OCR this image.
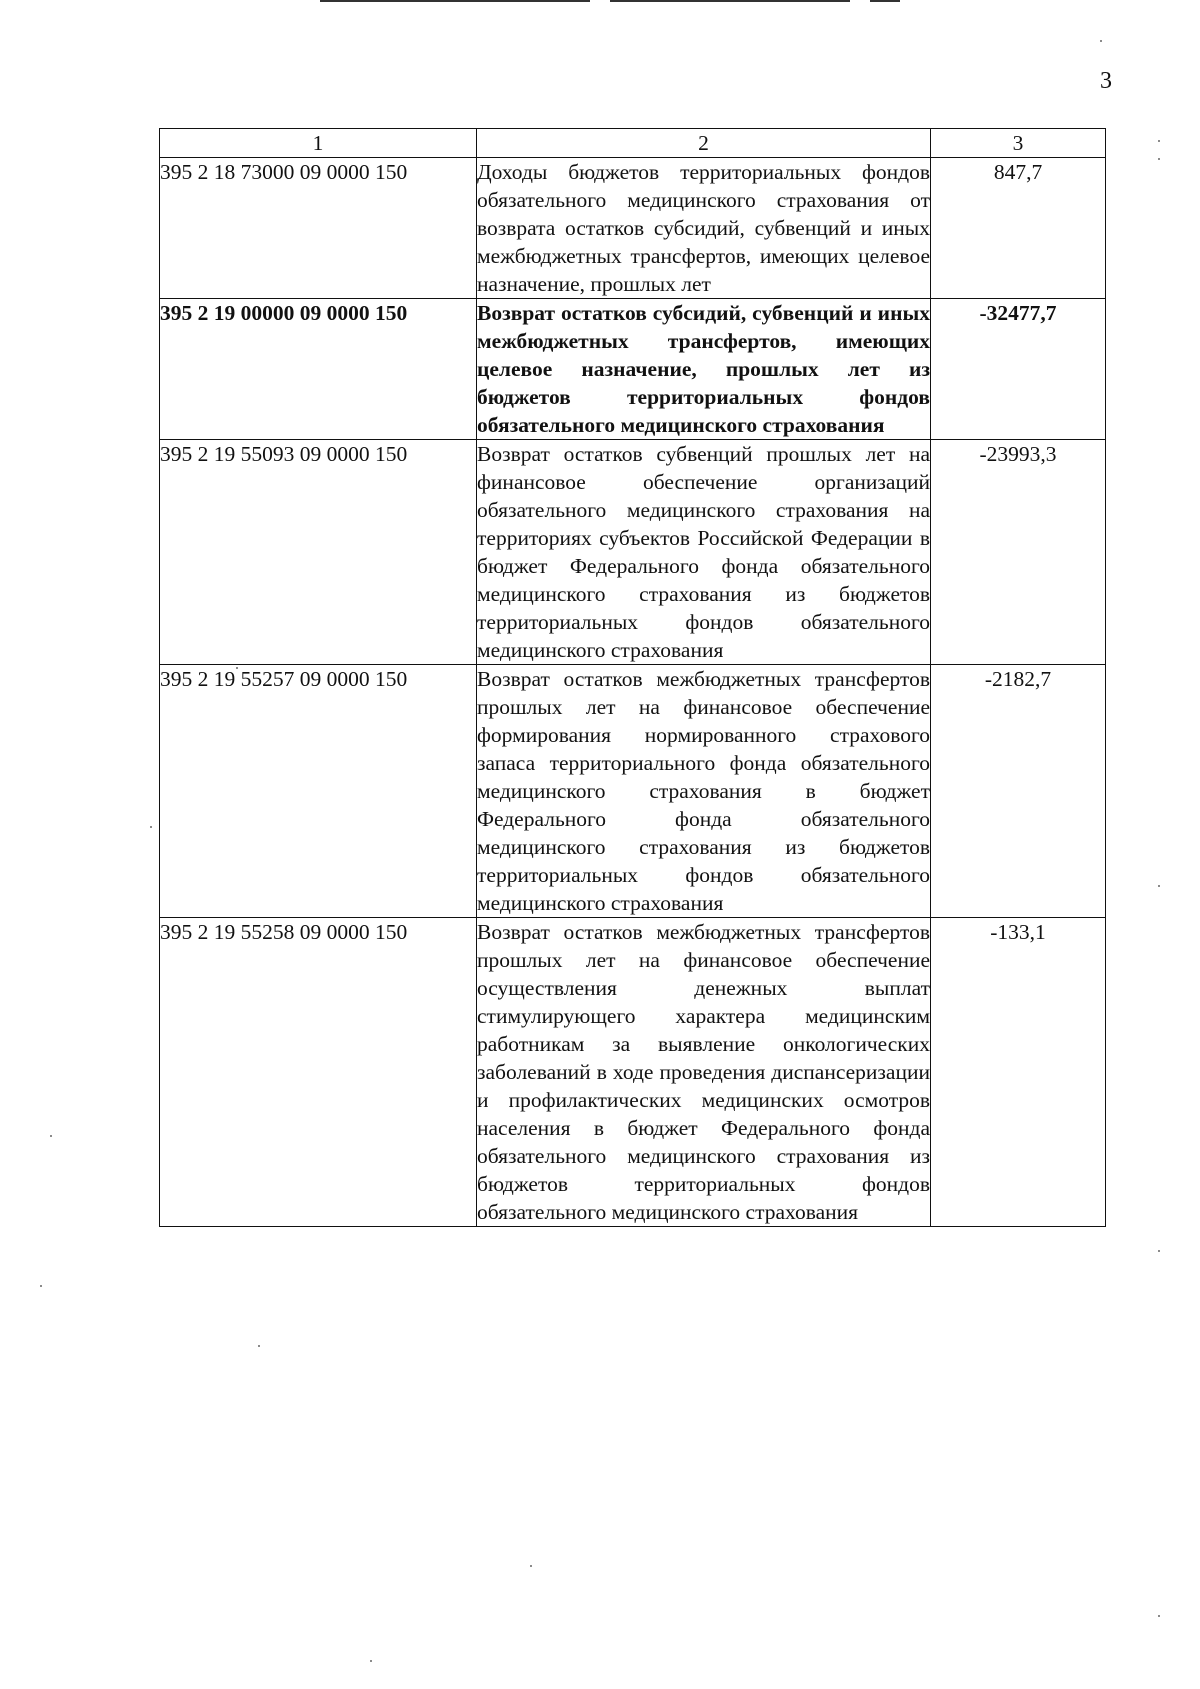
3
1	2	3
395 2 18 73000 09 0000 150	Доходы бюджетов территориальных фондов обязательного медицинского страхования от возврата остатков субсидий, субвенций и иных межбюджетных трансфертов, имеющих целевое назначение, прошлых лет	847,7
395 2 19 00000 09 0000 150	Возврат остатков субсидий, субвенций и иных межбюджетных трансфертов, имеющих целевое назначение, прошлых лет из бюджетов территориальных фондов обязательного медицинского страхования	-32477,7
395 2 19 55093 09 0000 150	Возврат остатков субвенций прошлых лет на финансовое обеспечение организаций обязательного медицинского страхования на территориях субъектов Российской Федерации в бюджет Федерального фонда обязательного медицинского страхования из бюджетов территориальных фондов обязательного медицинского страхования	-23993,3
395 2 19 55257 09 0000 150	Возврат остатков межбюджетных трансфертов прошлых лет на финансовое обеспечение формирования нормированного страхового запаса территориального фонда обязательного медицинского страхования в бюджет Федерального фонда обязательного медицинского страхования из бюджетов территориальных фондов обязательного медицинского страхования	-2182,7
395 2 19 55258 09 0000 150	Возврат остатков межбюджетных трансфертов прошлых лет на финансовое обеспечение осуществления денежных выплат стимулирующего характера медицинским работникам за выявление онкологических заболеваний в ходе проведения диспансеризации и профилактических медицинских осмотров населения в бюджет Федерального фонда обязательного медицинского страхования из бюджетов территориальных фондов обязательного медицинского страхования	-133,1
